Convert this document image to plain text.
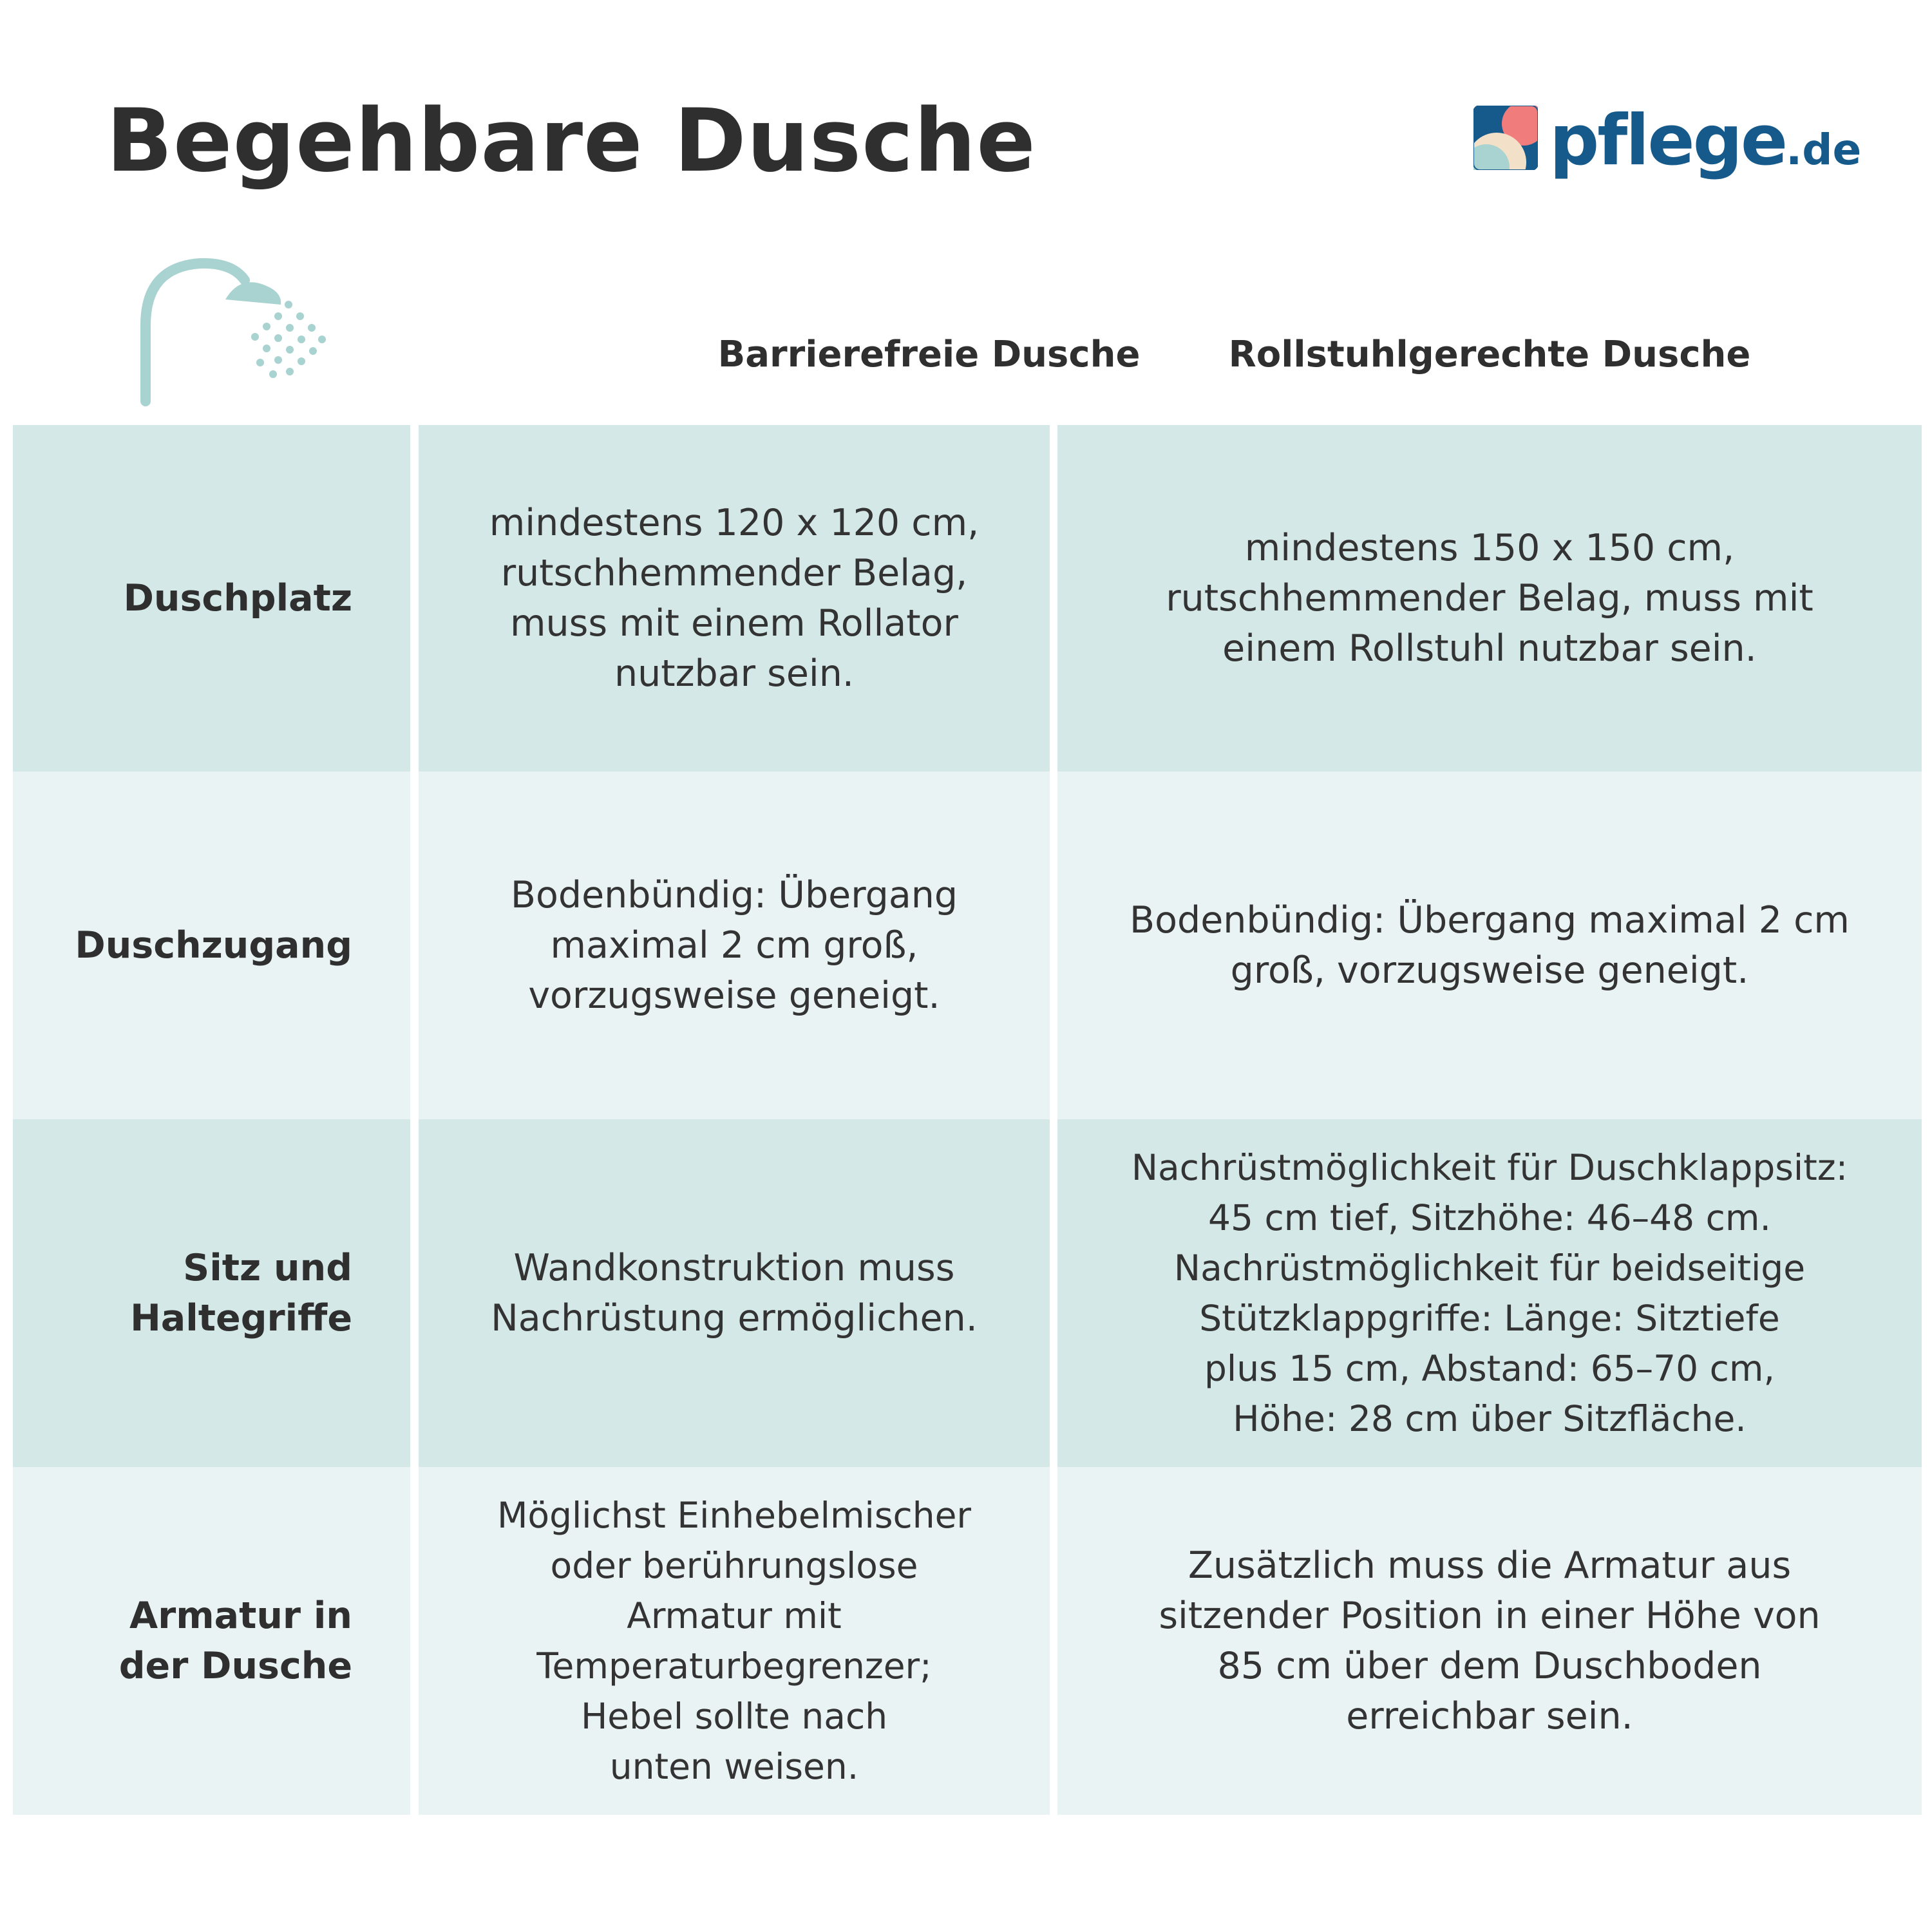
Begehbare Dusche	pflege.de
Barrierefreie Dusche	Rollstuhlgerechte Dusche
Duschplatz
mindestens 120 x 120 cm,
rutschhemmender Belag,
muss mit einem Rollator
nutzbar sein.
mindestens 150 x 150 cm,
rutschhemmender Belag, muss mit
einem Rollstuhl nutzbar sein.
Duschzugang
Bodenbündig: Übergang
maximal 2 cm groß,
vorzugsweise geneigt.
Bodenbündig: Übergang maximal 2 cm
groß, vorzugsweise geneigt.
Sitz und
Haltegriffe
Wandkonstruktion muss
Nachrüstung ermöglichen.
Nachrüstmöglichkeit für Duschklappsitz:
45 cm tief, Sitzhöhe: 46–48 cm.
Nachrüstmöglichkeit für beidseitige
Stützklappgriffe: Länge: Sitztiefe
plus 15 cm, Abstand: 65–70 cm,
Höhe: 28 cm über Sitzfläche.
Armatur in
der Dusche
Möglichst Einhebelmischer
oder berührungslose
Armatur mit
Temperaturbegrenzer;
Hebel sollte nach
unten weisen.
Zusätzlich muss die Armatur aus
sitzender Position in einer Höhe von
85 cm über dem Duschboden
erreichbar sein.
